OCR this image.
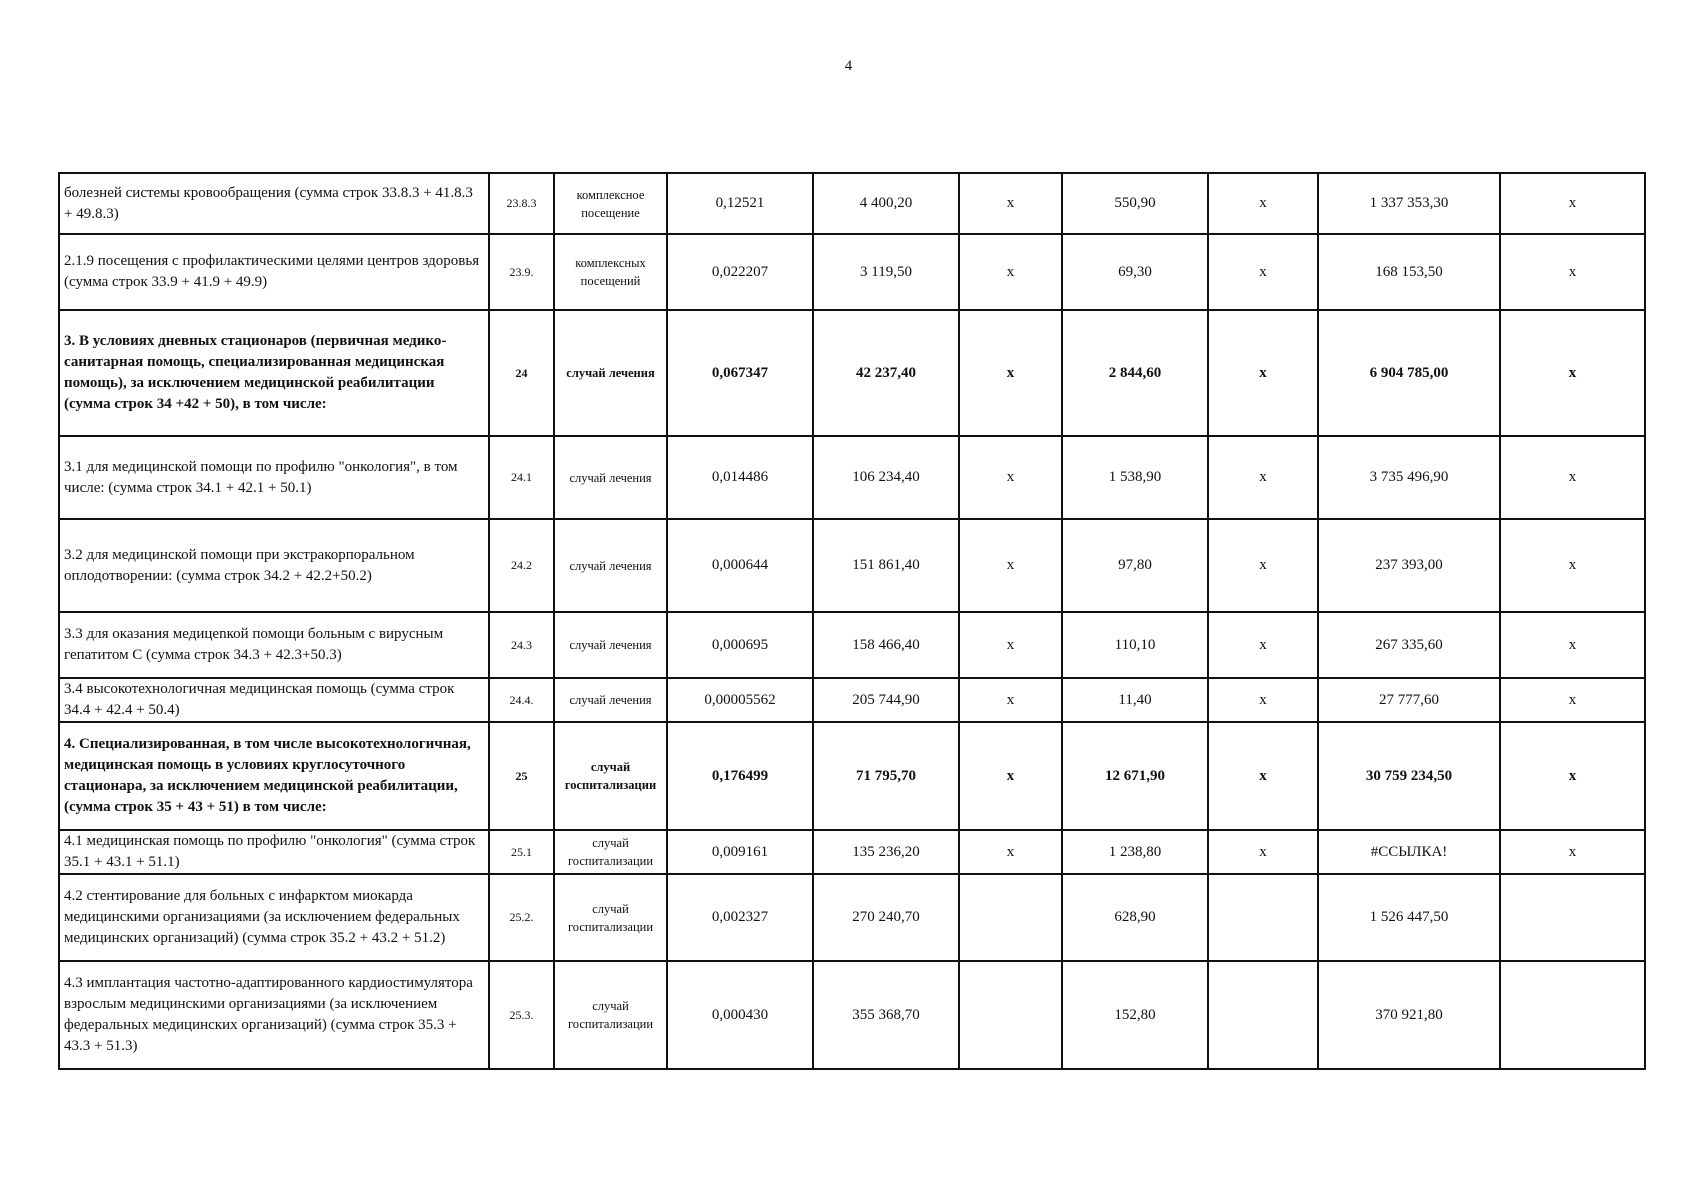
4
болезней системы кровообращения (сумма строк 33.8.3 + 41.8.3 + 49.8.3)	23.8.3	комплексное посещение	0,12521	4 400,20	х	550,90	х	1 337 353,30	х
2.1.9 посещения с профилактическими целями центров здоровья (сумма строк 33.9 + 41.9 + 49.9)	23.9.	комплексных посещений	0,022207	3 119,50	х	69,30	х	168 153,50	х
3. В условиях дневных стационаров (первичная медико-санитарная помощь, специализированная медицинская помощь), за исключением медицинской реабилитации (сумма строк 34 +42 + 50), в том числе:	24	случай лечения	0,067347	42 237,40	х	2 844,60	х	6 904 785,00	х
3.1 для медицинской помощи по профилю "онкология", в том числе: (сумма строк 34.1 + 42.1 + 50.1)	24.1	случай лечения	0,014486	106 234,40	х	1 538,90	х	3 735 496,90	х
3.2 для медицинской помощи при экстракорпоральном оплодотворении: (сумма строк 34.2 + 42.2+50.2)	24.2	случай лечения	0,000644	151 861,40	х	97,80	х	237 393,00	х
3.3 для оказания медицеnкой помощи больным с вирусным гепатитом С (сумма строк 34.3 + 42.3+50.3)	24.3	случай лечения	0,000695	158 466,40	х	110,10	х	267 335,60	х
3.4 высокотехнологичная медицинская помощь (сумма строк 34.4 + 42.4 + 50.4)	24.4.	случай лечения	0,00005562	205 744,90	х	11,40	х	27 777,60	х
4. Специализированная, в том числе высокотехнологичная, медицинская помощь в условиях круглосуточного стационара, за исключением медицинской реабилитации, (сумма строк 35 + 43 + 51) в том числе:	25	случай госпитализации	0,176499	71 795,70	х	12 671,90	х	30 759 234,50	х
4.1 медицинская помощь по профилю "онкология" (сумма строк 35.1 + 43.1 + 51.1)	25.1	случай госпитализации	0,009161	135 236,20	х	1 238,80	х	#ССЫЛКА!	х
4.2 стентирование для больных с инфарктом миокарда медицинскими организациями (за исключением федеральных медицинских организаций) (сумма строк 35.2 + 43.2 + 51.2)	25.2.	случай госпитализации	0,002327	270 240,70		628,90		1 526 447,50	
4.3 имплантация частотно-адаптированного кардиостимулятора взрослым медицинскими организациями (за исключением федеральных медицинских организаций) (сумма строк 35.3 + 43.3 + 51.3)	25.3.	случай госпитализации	0,000430	355 368,70		152,80		370 921,80	
